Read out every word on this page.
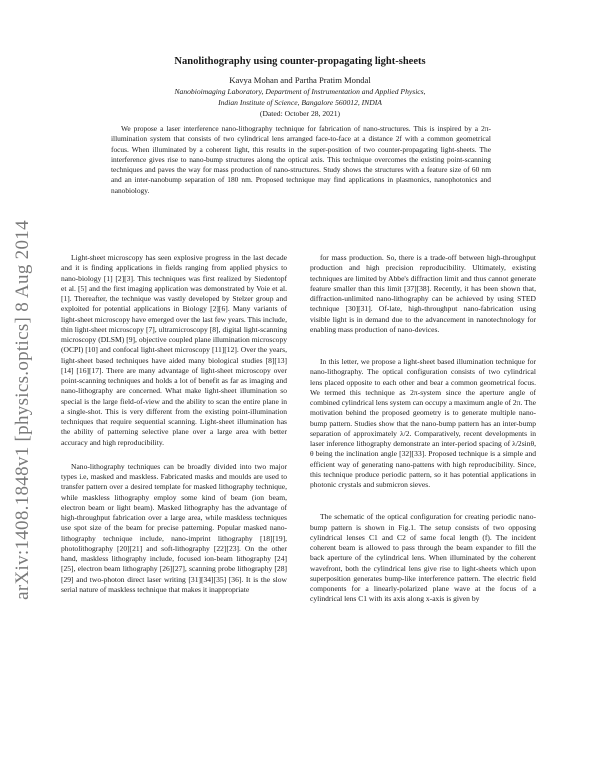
arXiv:1408.1848v1 [physics.optics] 8 Aug 2014
Nanolithography using counter-propagating light-sheets
Kavya Mohan and Partha Pratim Mondal
Nanobioimaging Laboratory, Department of Instrumentation and Applied Physics,
Indian Institute of Science, Bangalore 560012, INDIA
(Dated: October 28, 2021)
We propose a laser interference nano-lithography technique for fabrication of nano-structures. This is inspired by a 2π-illumination system that consists of two cylindrical lens arranged face-to-face at a distance 2f with a common geometrical focus. When illuminated by a coherent light, this results in the super-position of two counter-propagating light-sheets. The interference gives rise to nano-bump structures along the optical axis. This technique overcomes the existing point-scanning techniques and paves the way for mass production of nano-structures. Study shows the structures with a feature size of 60 nm and an inter-nanobump separation of 180 nm. Proposed technique may find applications in plasmonics, nanophotonics and nanobiology.

Light-sheet microscopy has seen explosive progress in the last decade and it is finding applications in fields ranging from applied physics to nano-biology [1] [2][3]. This techniques was first realized by Siedentopf et al. [5] and the first imaging application was demonstrated by Voie et al. [1]. Thereafter, the technique was vastly developed by Stelzer group and exploited for potential applications in Biology [2][6]. Many variants of light-sheet microscopy have emerged over the last few years. This include, thin light-sheet microscopy [7], ultramicroscopy [8], digital light-scanning microscopy (DLSM) [9], objective coupled plane illumination microscopy (OCPI) [10] and confocal light-sheet microscopy [11][12]. Over the years, light-sheet based techniques have aided many biological studies [8][13][14] [16][17]. There are many advantage of light-sheet microscopy over point-scanning techniques and holds a lot of benefit as far as imaging and nano-lithography are concerned. What make light-sheet illumination so special is the large field-of-view and the ability to scan the entire plane in a single-shot. This is very different from the existing point-illumination techniques that require sequential scanning. Light-sheet illumination has the ability of patterning selective plane over a large area with better accuracy and high reproducibility.

Nano-lithography techniques can be broadly divided into two major types i.e, masked and maskless. Fabricated masks and moulds are used to transfer pattern over a desired template for masked lithography technique, while maskless lithography employ some kind of beam (ion beam, electron beam or light beam). Masked lithography has the advantage of high-throughput fabrication over a large area, while maskless techniques use spot size of the beam for precise patterning. Popular masked nano-lithography technique include, nano-imprint lithography [18][19], photolithography [20][21] and soft-lithography [22][23]. On the other hand, maskless lithography include, focused ion-beam lithography [24][25], electron beam lithography [26][27], scanning probe lithography [28][29] and two-photon direct laser writing [31][34][35] [36]. It is the slow serial nature of maskless technique that makes it inappropriate

for mass production. So, there is a trade-off between high-throughput production and high precision reproducibility. Ultimately, existing techniques are limited by Abbe's diffraction limit and thus cannot generate feature smaller than this limit [37][38]. Recently, it has been shown that, diffraction-unlimited nano-lithography can be achieved by using STED technique [30][31]. Of-late, high-throughput nano-fabrication using visible light is in demand due to the advancement in nanotechnology for enabling mass production of nano-devices.

In this letter, we propose a light-sheet based illumination technique for nano-lithography. The optical configuration consists of two cylindrical lens placed opposite to each other and bear a common geometrical focus. We termed this technique as 2π-system since the aperture angle of combined cylindrical lens system can occupy a maximum angle of 2π. The motivation behind the proposed geometry is to generate multiple nano-bump pattern. Studies show that the nano-bump pattern has an inter-bump separation of approximately λ/2. Comparatively, recent developments in laser inference lithography demonstrate an inter-period spacing of λ/2sinθ, θ being the inclination angle [32][33]. Proposed technique is a simple and efficient way of generating nano-pattens with high reproducibility. Since, this technique produce periodic pattern, so it has potential applications in photonic crystals and submicron sieves.

The schematic of the optical configuration for creating periodic nano-bump pattern is shown in Fig.1. The setup consists of two opposing cylindrical lenses C1 and C2 of same focal length (f). The incident coherent beam is allowed to pass through the beam expander to fill the back aperture of the cylindrical lens. When illuminated by the coherent wavefront, both the cylindrical lens give rise to light-sheets which upon superposition generates bump-like interference pattern. The electric field components for a linearly-polarized plane wave at the focus of a cylindrical lens C1 with its axis along x-axis is given by
